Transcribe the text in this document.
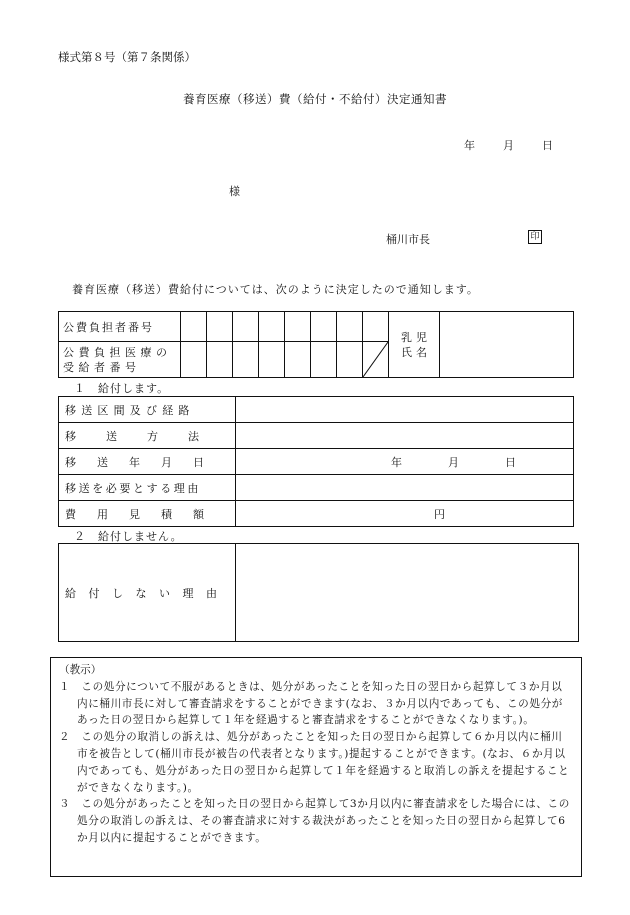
様式第８号（第７条関係）
養育医療（移送）費（給付・不給付）決定通知書
年	月	日
様
桶川市長	印
養育医療（移送）費給付については、次のように決定したので通知します。
公費負担者番号									乳児氏名	

公費負担医療の受給者番号

１　給付します。
移送区間及び経路	

移送方法	

移送年月日	年 月 日

移送を必要とする理由	

費用見積額	円
２　給付しません。
給付しない理由

（教示）

１　この処分について不服があるときは、処分があったことを知った日の翌日から起算して３か月以内に桶川市長に対して審査請求をすることができます(なお、３か月以内であっても、この処分があった日の翌日から起算して１年を経過すると審査請求をすることができなくなります。)。

２　この処分の取消しの訴えは、処分があったことを知った日の翌日から起算して６か月以内に桶川市を被告として(桶川市長が被告の代表者となります。)提起することができます。(なお、６か月以内であっても、処分があった日の翌日から起算して１年を経過すると取消しの訴えを提起することができなくなります。)。

３　この処分があったことを知った日の翌日から起算して3か月以内に審査請求をした場合には、この処分の取消しの訴えは、その審査請求に対する裁決があったことを知った日の翌日から起算して6か月以内に提起することができます。
